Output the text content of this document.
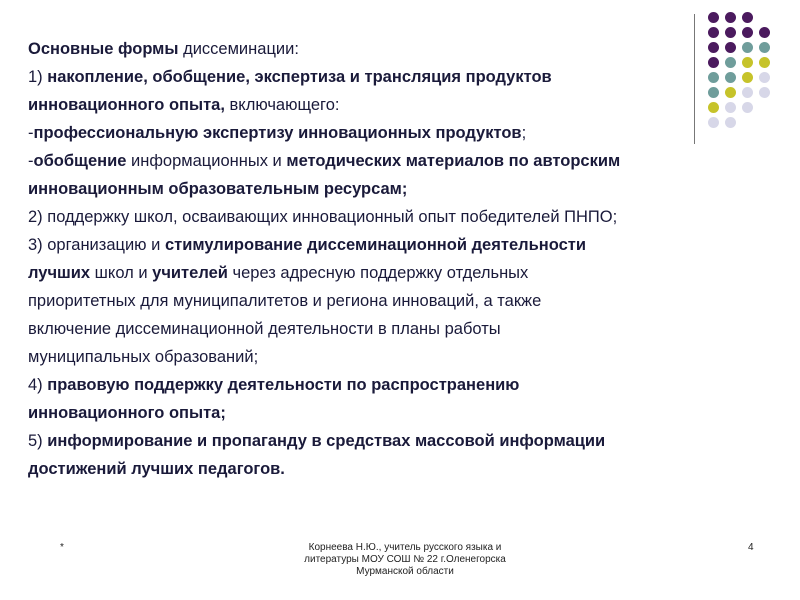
Основные формы диссеминации:
1) накопление, обобщение, экспертиза и трансляция продуктов
инновационного опыта, включающего:
-профессиональную экспертизу инновационных продуктов;
-обобщение информационных и методических материалов по авторским
инновационным образовательным ресурсам;
2) поддержку школ, осваивающих инновационный опыт победителей ПНПО;
3) организацию и стимулирование диссеминационной деятельности
лучших школ и учителей через адресную поддержку отдельных
приоритетных для муниципалитетов и региона инноваций, а также
включение диссеминационной деятельности в планы работы
муниципальных образований;
4) правовую поддержку деятельности по распространению
инновационного опыта;
5) информирование и пропаганду в средствах массовой информации
достижений лучших педагогов.
*	Корнеева Н.Ю., учитель русского языка и
литературы МОУ СОШ № 22 г.Оленегорска
Мурманской области
4
